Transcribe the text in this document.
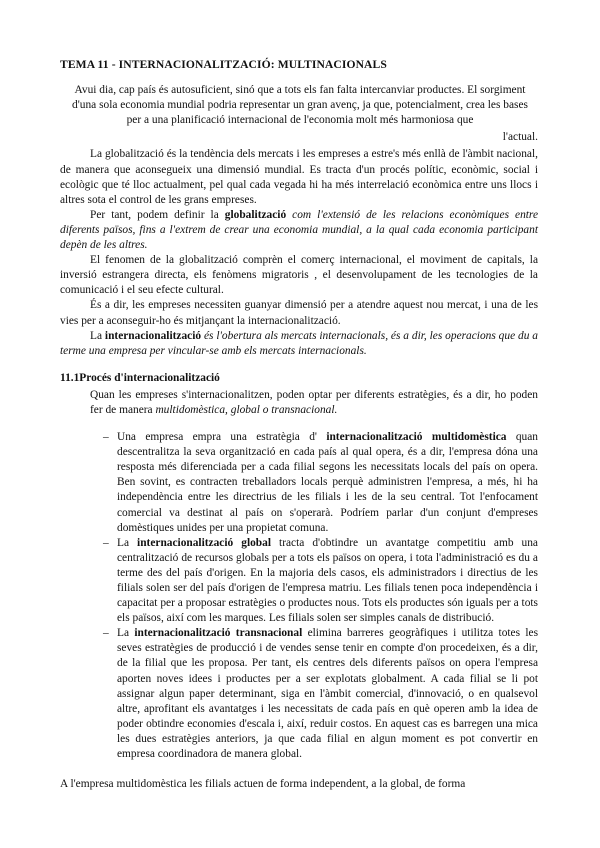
TEMA 11 - INTERNACIONALITZACIÓ: MULTINACIONALS

Avui dia, cap país és autosuficient, sinó que a tots els fan falta intercanviar productes. El sorgiment d'una sola economia mundial podria representar un gran avenç, ja que, potencialment, crea les bases per a una planificació internacional de l'economia molt més harmoniosa que

l'actual.

La globalització és la tendència dels mercats i les empreses a estre's més enllà de l'àmbit nacional, de manera que aconsegueix una dimensió mundial. Es tracta d'un procés polític, econòmic, social i ecològic que té lloc actualment, pel qual cada vegada hi ha més interrelació econòmica entre uns llocs i altres sota el control de les grans empreses.

Per tant, podem definir la globalització com l'extensió de les relacions econòmiques entre diferents països, fins a l'extrem de crear una economia mundial, a la qual cada economia participant depèn de les altres.

El fenomen de la globalització comprèn el comerç internacional, el moviment de capitals, la inversió estrangera directa, els fenòmens migratoris , el desenvolupament de les tecnologies de la comunicació i el seu efecte cultural.

És a dir, les empreses necessiten guanyar dimensió per a atendre aquest nou mercat, i una de les vies per a aconseguir-ho és mitjançant la internacionalització.

La internacionalització és l'obertura als mercats internacionals, és a dir, les operacions que du a terme una empresa per vincular-se amb els mercats internacionals.

11.1Procés d'internacionalització

Quan les empreses s'internacionalitzen, poden optar per diferents estratègies, és a dir, ho poden fer de manera multidomèstica, global o transnacional.

– Una empresa empra una estratègia d' internacionalització multidomèstica quan descentralitza la seva organització en cada país al qual opera, és a dir, l'empresa dóna una resposta més diferenciada per a cada filial segons les necessitats locals del país on opera. Ben sovint, es contracten treballadors locals perquè administren l'empresa, a més, hi ha independència entre les directrius de les filials i les de la seu central. Tot l'enfocament comercial va destinat al país on s'operarà. Podríem parlar d'un conjunt d'empreses domèstiques unides per una propietat comuna.
– La internacionalització global tracta d'obtindre un avantatge competitiu amb una centralització de recursos globals per a tots els països on opera, i tota l'administració es du a terme des del país d'origen. En la majoria dels casos, els administradors i directius de les filials solen ser del país d'origen de l'empresa matriu. Les filials tenen poca independència i capacitat per a proposar estratègies o productes nous. Tots els productes són iguals per a tots els països, així com les marques. Les filials solen ser simples canals de distribució.
– La internacionalització transnacional elimina barreres geogràfiques i utilitza totes les seves estratègies de producció i de vendes sense tenir en compte d'on procedeixen, és a dir, de la filial que les proposa. Per tant, els centres dels diferents països on opera l'empresa aporten noves idees i productes per a ser explotats globalment. A cada filial se li pot assignar algun paper determinant, siga en l'àmbit comercial, d'innovació, o en qualsevol altre, aprofitant els avantatges i les necessitats de cada país en què operen amb la idea de poder obtindre economies d'escala i, així, reduir costos. En aquest cas es barregen una mica les dues estratègies anteriors, ja que cada filial en algun moment es pot convertir en empresa coordinadora de manera global.

A l'empresa multidomèstica les filials actuen de forma independent, a la global, de forma
